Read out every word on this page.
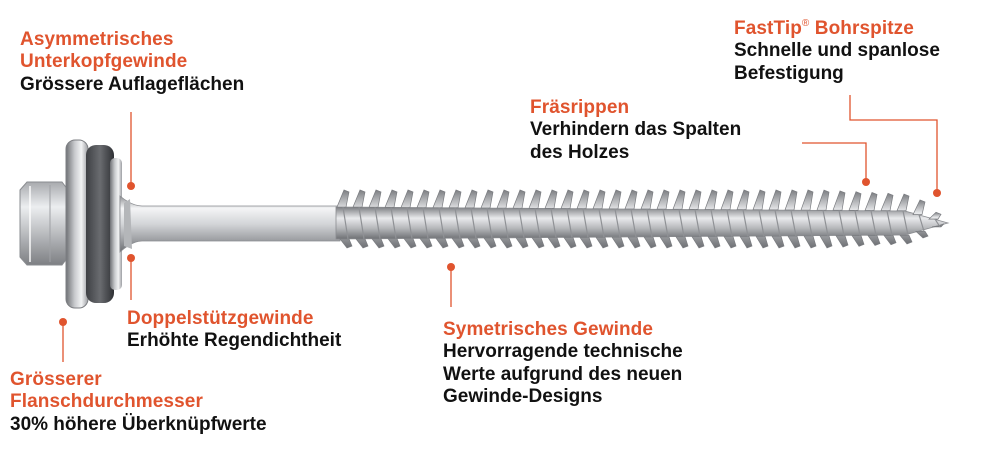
Asymmetrisches
Unterkopfgewinde
Grössere Auflageflächen
FastTip® Bohrspitze
Schnelle und spanlose
Befestigung
Fräsrippen
Verhindern das Spalten
des Holzes
Doppelstützgewinde
Erhöhte Regendichtheit
Symetrisches Gewinde
Hervorragende technische
Werte aufgrund des neuen
Gewinde-Designs
Grösserer
Flanschdurchmesser
30% höhere Überknüpfwerte
